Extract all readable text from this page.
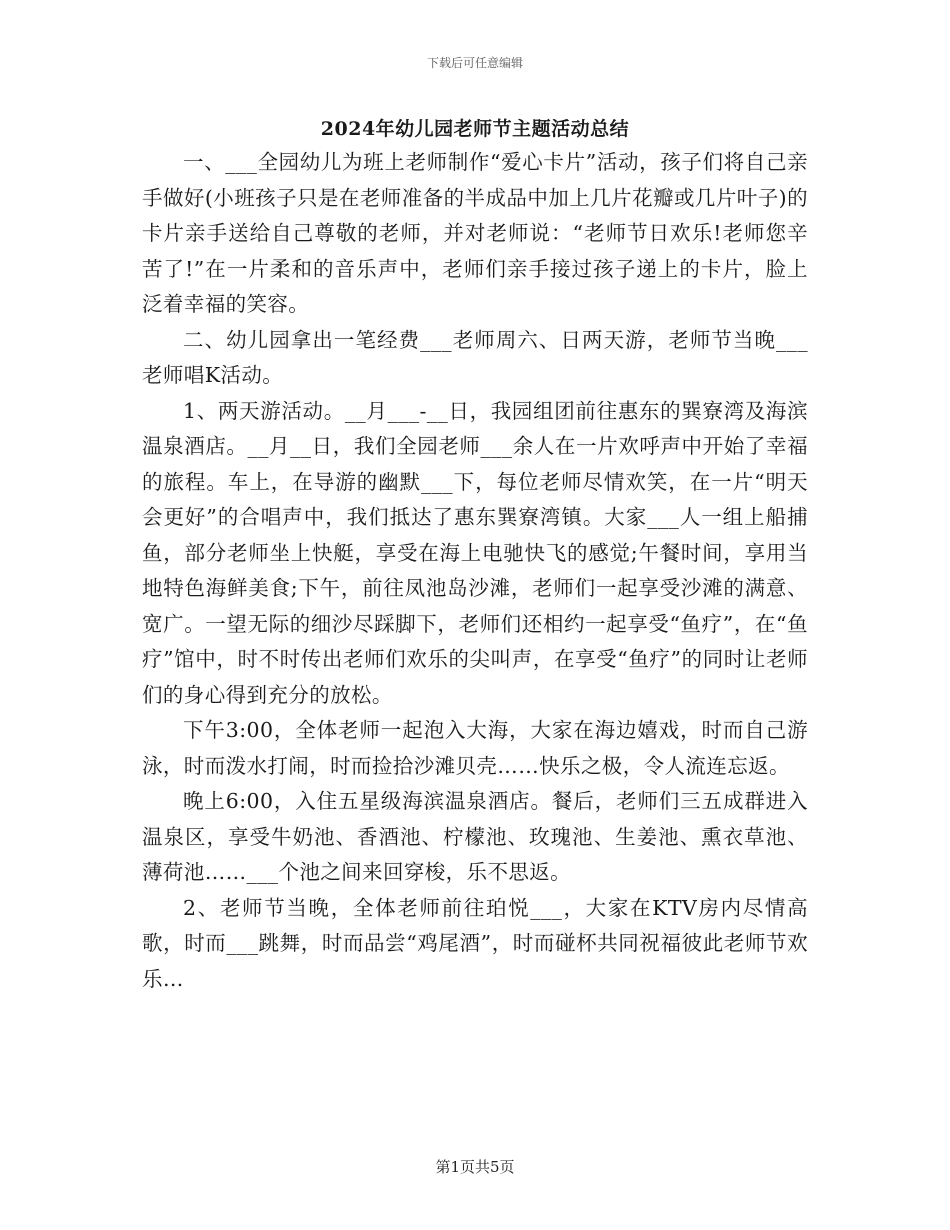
下载后可任意编辑
2024年幼儿园老师节主题活动总结

一、___全园幼儿为班上老师制作“爱心卡片”活动，孩子们将自己亲手做好(小班孩子只是在老师准备的半成品中加上几片花瓣或几片叶子)的卡片亲手送给自己尊敬的老师，并对老师说：“老师节日欢乐!老师您辛苦了!”在一片柔和的音乐声中，老师们亲手接过孩子递上的卡片，脸上泛着幸福的笑容。

二、幼儿园拿出一笔经费___老师周六、日两天游，老师节当晚___老师唱K活动。

1、两天游活动。__月___-__日，我园组团前往惠东的巽寮湾及海滨温泉酒店。__月__日，我们全园老师___余人在一片欢呼声中开始了幸福的旅程。车上，在导游的幽默___下，每位老师尽情欢笑，在一片“明天会更好”的合唱声中，我们抵达了惠东巽寮湾镇。大家___人一组上船捕鱼，部分老师坐上快艇，享受在海上电驰快飞的感觉;午餐时间，享用当地特色海鲜美食;下午，前往凤池岛沙滩，老师们一起享受沙滩的满意、宽广。一望无际的细沙尽踩脚下，老师们还相约一起享受“鱼疗”，在“鱼疗”馆中，时不时传出老师们欢乐的尖叫声，在享受“鱼疗”的同时让老师们的身心得到充分的放松。

下午3:00，全体老师一起泡入大海，大家在海边嬉戏，时而自己游泳，时而泼水打闹，时而捡拾沙滩贝壳……快乐之极，令人流连忘返。

晚上6:00，入住五星级海滨温泉酒店。餐后，老师们三五成群进入温泉区，享受牛奶池、香酒池、柠檬池、玫瑰池、生姜池、熏衣草池、薄荷池……___个池之间来回穿梭，乐不思返。

2、老师节当晚，全体老师前往珀悦___，大家在KTV房内尽情高歌，时而___跳舞，时而品尝“鸡尾酒”，时而碰杯共同祝福彼此老师节欢乐…

第1页共5页
